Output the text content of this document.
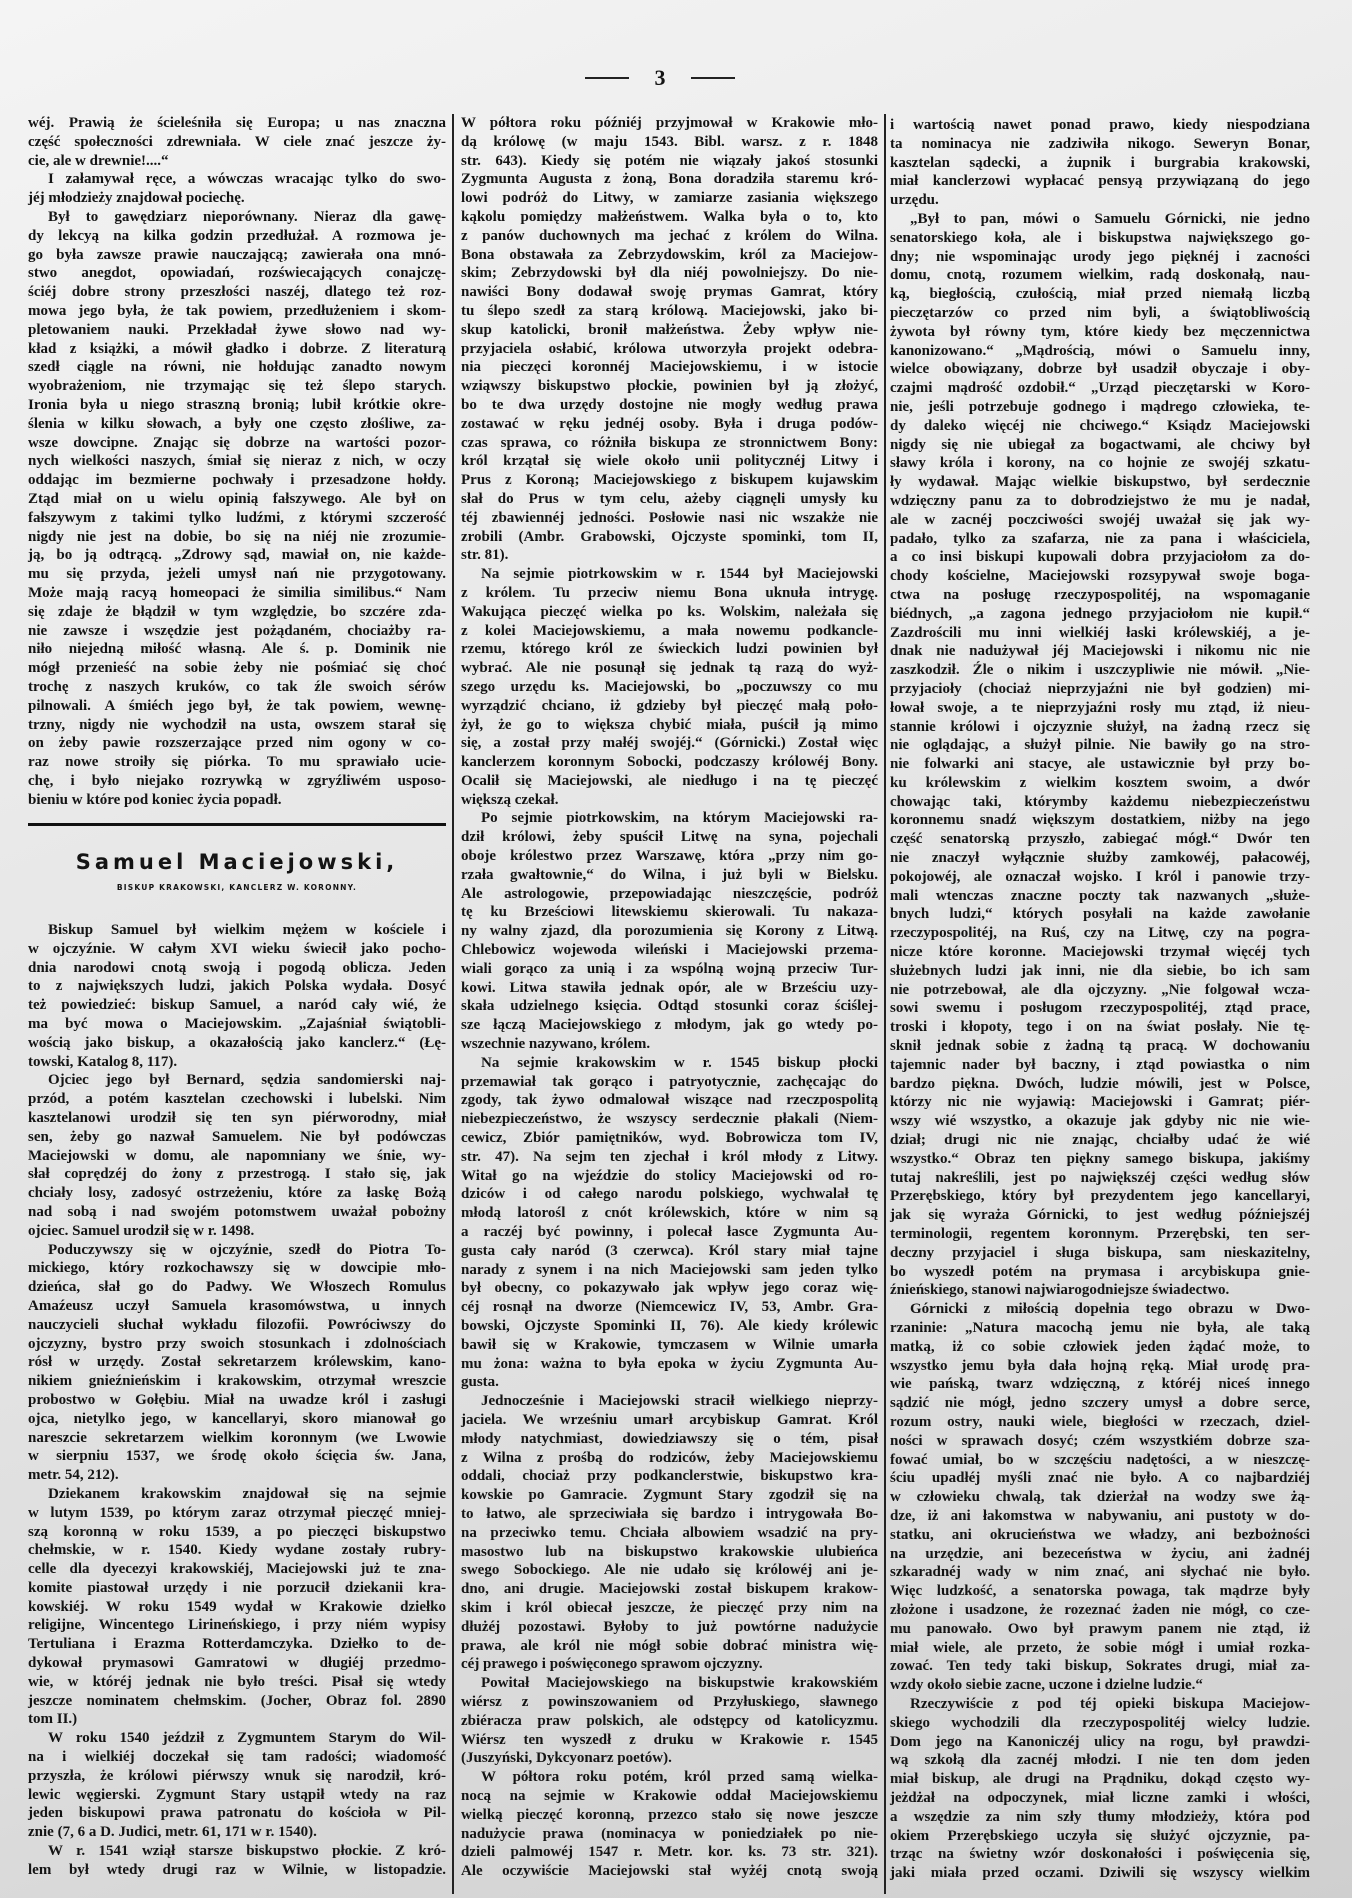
3
wéj. Prawią że ścieleśniła się Europa; u nas znaczna
część społeczności zdrewniała. W ciele znać jeszcze ży-
cie, ale w drewnie!....“
I załamywał ręce, a wówczas wracając tylko do swo-
jéj młodzieży znajdował pociechę.
Był to gawędziarz nieporównany. Nieraz dla gawę-
dy lekcyą na kilka godzin przedłużał. A rozmowa je-
go była zawsze prawie nauczającą; zawierała ona mnó-
stwo anegdot, opowiadań, rozświecających conajczę-
ściéj dobre strony przeszłości naszéj, dlatego też roz-
mowa jego była, że tak powiem, przedłużeniem i skom-
pletowaniem nauki. Przekładał żywe słowo nad wy-
kład z książki, a mówił gładko i dobrze. Z literaturą
szedł ciągle na równi, nie hołdując zanadto nowym
wyobrażeniom, nie trzymając się też ślepo starych.
Ironia była u niego straszną bronią; lubił krótkie okre-
ślenia w kilku słowach, a były one często złośliwe, za-
wsze dowcipne. Znając się dobrze na wartości pozor-
nych wielkości naszych, śmiał się nieraz z nich, w oczy
oddając im bezmierne pochwały i przesadzone hołdy.
Ztąd miał on u wielu opinią fałszywego. Ale był on
fałszywym z takimi tylko ludźmi, z którymi szczerość
nigdy nie jest na dobie, bo się na niéj nie zrozumie-
ją, bo ją odtrącą. „Zdrowy sąd, mawiał on, nie każde-
mu się przyda, jeżeli umysł nań nie przygotowany.
Może mają racyą homeopaci że similia similibus.“ Nam
się zdaje że błądził w tym względzie, bo szczére zda-
nie zawsze i wszędzie jest pożądaném, chociażby ra-
niło niejedną miłość własną. Ale ś. p. Dominik nie
mógł przenieść na sobie żeby nie pośmiać się choć
trochę z naszych kruków, co tak źle swoich sérów
pilnowali. A śmiéch jego był, że tak powiem, wewnę-
trzny, nigdy nie wychodził na usta, owszem starał się
on żeby pawie rozszerzające przed nim ogony w co-
raz nowe stroiły się piórka. To mu sprawiało ucie-
chę, i było niejako rozrywką w zgryźliwém usposo-
bieniu w które pod koniec życia popadł.
Samuel Maciejowski,
BISKUP KRAKOWSKI, KANCLERZ W. KORONNY.
Biskup Samuel był wielkim mężem w kościele i
w ojczyźnie. W całym XVI wieku świecił jako pocho-
dnia narodowi cnotą swoją i pogodą oblicza. Jeden
to z największych ludzi, jakich Polska wydała. Dosyć
też powiedzieć: biskup Samuel, a naród cały wié, że
ma być mowa o Maciejowskim. „Zajaśniał świątobli-
wością jako biskup, a okazałością jako kanclerz.“ (Łę-
towski, Katalog 8, 117).
Ojciec jego był Bernard, sędzia sandomierski naj-
przód, a potém kasztelan czechowski i lubelski. Nim
kasztelanowi urodził się ten syn piérworodny, miał
sen, żeby go nazwał Samuelem. Nie był podówczas
Maciejowski w domu, ale napomniany we śnie, wy-
słał coprędzéj do żony z przestrogą. I stało się, jak
chciały losy, zadosyć ostrzeżeniu, które za łaskę Bożą
nad sobą i nad swojém potomstwem uważał pobożny
ojciec. Samuel urodził się w r. 1498.
Poduczywszy się w ojczyźnie, szedł do Piotra To-
mickiego, który rozkochawszy się w dowcipie mło-
dzieńca, słał go do Padwy. We Włoszech Romulus
Amaźeusz uczył Samuela krasomówstwa, u innych
nauczycieli słuchał wykładu filozofii. Powróciwszy do
ojczyzny, bystro przy swoich stosunkach i zdolnościach
rósł w urzędy. Został sekretarzem królewskim, kano-
nikiem gnieźnieńskim i krakowskim, otrzymał wreszcie
probostwo w Gołębiu. Miał na uwadze król i zasługi
ojca, nietylko jego, w kancellaryi, skoro mianował go
nareszcie sekretarzem wielkim koronnym (we Lwowie
w sierpniu 1537, we środę około ścięcia św. Jana,
metr. 54, 212).
Dziekanem krakowskim znajdował się na sejmie
w lutym 1539, po którym zaraz otrzymał pieczęć mniej-
szą koronną w roku 1539, a po pieczęci biskupstwo
chełmskie, w r. 1540. Kiedy wydane zostały rubry-
celle dla dyecezyi krakowskiéj, Maciejowski już te zna-
komite piastował urzędy i nie porzucił dziekanii kra-
kowskiéj. W roku 1549 wydał w Krakowie dziełko
religijne, Wincentego Lirineńskiego, i przy niém wypisy
Tertuliana i Erazma Rotterdamczyka. Dziełko to de-
dykował prymasowi Gamratowi w długiéj przedmo-
wie, w któréj jednak nie było treści. Pisał się wtedy
jeszcze nominatem chełmskim. (Jocher, Obraz fol. 2890
tom II.)
W roku 1540 jeździł z Zygmuntem Starym do Wil-
na i wielkiéj doczekał się tam radości; wiadomość
przyszła, że królowi piérwszy wnuk się narodził, kró-
lewic węgierski. Zygmunt Stary ustąpił wtedy na raz
jeden biskupowi prawa patronatu do kościoła w Pil-
znie (7, 6 a D. Judici, metr. 61, 171 w r. 1540).
W r. 1541 wziął starsze biskupstwo płockie. Z kró-
lem był wtedy drugi raz w Wilnie, w listopadzie.
W półtora roku późniéj przyjmował w Krakowie mło-
dą królowę (w maju 1543. Bibl. warsz. z r. 1848
str. 643). Kiedy się potém nie wiązały jakoś stosunki
Zygmunta Augusta z żoną, Bona doradziła staremu kró-
lowi podróż do Litwy, w zamiarze zasiania większego
kąkolu pomiędzy małżeństwem. Walka była o to, kto
z panów duchownych ma jechać z królem do Wilna.
Bona obstawała za Zebrzydowskim, król za Maciejow-
skim; Zebrzydowski był dla niéj powolniejszy. Do nie-
nawiści Bony dodawał swoję prymas Gamrat, który
tu ślepo szedł za starą królową. Maciejowski, jako bi-
skup katolicki, bronił małżeństwa. Żeby wpływ nie-
przyjaciela osłabić, królowa utworzyła projekt odebra-
nia pieczęci koronnéj Maciejowskiemu, i w istocie
wziąwszy biskupstwo płockie, powinien był ją złożyć,
bo te dwa urzędy dostojne nie mogły według prawa
zostawać w ręku jednéj osoby. Była i druga podów-
czas sprawa, co różniła biskupa ze stronnictwem Bony:
król krzątał się wiele około unii politycznéj Litwy i
Prus z Koroną; Maciejowskiego z biskupem kujawskim
słał do Prus w tym celu, ażeby ciągnęli umysły ku
téj zbawiennéj jedności. Posłowie nasi nic wszakże nie
zrobili (Ambr. Grabowski, Ojczyste spominki, tom II,
str. 81).
Na sejmie piotrkowskim w r. 1544 był Maciejowski
z królem. Tu przeciw niemu Bona uknuła intrygę.
Wakująca pieczęć wielka po ks. Wolskim, należała się
z kolei Maciejowskiemu, a mała nowemu podkancle-
rzemu, którego król ze świeckich ludzi powinien był
wybrać. Ale nie posunął się jednak tą razą do wyż-
szego urzędu ks. Maciejowski, bo „poczuwszy co mu
wyrządzić chciano, iż gdzieby był pieczęć małą poło-
żył, że go to większa chybić miała, puścił ją mimo
się, a został przy małéj swojéj.“ (Górnicki.) Został więc
kanclerzem koronnym Sobocki, podczaszy królowéj Bony.
Ocalił się Maciejowski, ale niedługo i na tę pieczęć
większą czekał.
Po sejmie piotrkowskim, na którym Maciejowski ra-
dził królowi, żeby spuścił Litwę na syna, pojechali
oboje królestwo przez Warszawę, która „przy nim go-
rzała gwałtownie,“ do Wilna, i już byli w Bielsku.
Ale astrologowie, przepowiadając nieszczęście, podróż
tę ku Brześciowi litewskiemu skierowali. Tu nakaza-
ny walny zjazd, dla porozumienia się Korony z Litwą.
Chlebowicz wojewoda wileński i Maciejowski przema-
wiali gorąco za unią i za wspólną wojną przeciw Tur-
kowi. Litwa stawiła jednak opór, ale w Brześciu uzy-
skała udzielnego księcia. Odtąd stosunki coraz ściślej-
sze łączą Maciejowskiego z młodym, jak go wtedy po-
wszechnie nazywano, królem.
Na sejmie krakowskim w r. 1545 biskup płocki
przemawiał tak gorąco i patryotycznie, zachęcając do
zgody, tak żywo odmalował wiszące nad rzeczpospolitą
niebezpieczeństwo, że wszyscy serdecznie płakali (Niem-
cewicz, Zbiór pamiętników, wyd. Bobrowicza tom IV,
str. 47). Na sejm ten zjechał i król młody z Litwy.
Witał go na wjeździe do stolicy Maciejowski od ro-
dziców i od całego narodu polskiego, wychwalał tę
młodą latorośl z cnót królewskich, które w nim są
a raczéj być powinny, i polecał łasce Zygmunta Au-
gusta cały naród (3 czerwca). Król stary miał tajne
narady z synem i na nich Maciejowski sam jeden tylko
był obecny, co pokazywało jak wpływ jego coraz wię-
céj rosnął na dworze (Niemcewicz IV, 53, Ambr. Gra-
bowski, Ojczyste Spominki II, 76). Ale kiedy królewic
bawił się w Krakowie, tymczasem w Wilnie umarła
mu żona: ważna to była epoka w życiu Zygmunta Au-
gusta.
Jednocześnie i Maciejowski stracił wielkiego nieprzy-
jaciela. We wrześniu umarł arcybiskup Gamrat. Król
młody natychmiast, dowiedziawszy się o tém, pisał
z Wilna z prośbą do rodziców, żeby Maciejowskiemu
oddali, chociaż przy podkanclerstwie, biskupstwo kra-
kowskie po Gamracie. Zygmunt Stary zgodził się na
to łatwo, ale sprzeciwiała się bardzo i intrygowała Bo-
na przeciwko temu. Chciała albowiem wsadzić na pry-
masostwo lub na biskupstwo krakowskie ulubieńca
swego Sobockiego. Ale nie udało się królowéj ani je-
dno, ani drugie. Maciejowski został biskupem krakow-
skim i król obiecał jeszcze, że pieczęć przy nim na
dłużéj pozostawi. Byłoby to już powtórne nadużycie
prawa, ale król nie mógł sobie dobrać ministra wię-
céj prawego i poświęconego sprawom ojczyzny.
Powitał Maciejowskiego na biskupstwie krakowskiém
wiérsz z powinszowaniem od Przyłuskiego, sławnego
zbiéracza praw polskich, ale odstępcy od katolicyzmu.
Wiérsz ten wyszedł z druku w Krakowie r. 1545
(Juszyński, Dykcyonarz poetów).
W półtora roku potém, król przed samą wielka-
nocą na sejmie w Krakowie oddał Maciejowskiemu
wielką pieczęć koronną, przezco stało się nowe jeszcze
nadużycie prawa (nominacya w poniedziałek po nie-
dzieli palmowéj 1547 r. Metr. kor. ks. 73 str. 321).
Ale oczywiście Maciejowski stał wyżéj cnotą swoją
i wartością nawet ponad prawo, kiedy niespodziana
ta nominacya nie zadziwiła nikogo. Seweryn Bonar,
kasztelan sądecki, a żupnik i burgrabia krakowski,
miał kanclerzowi wypłacać pensyą przywiązaną do jego
urzędu.
„Był to pan, mówi o Samuelu Górnicki, nie jedno
senatorskiego koła, ale i biskupstwa największego go-
dny; nie wspominając urody jego pięknéj i zacności
domu, cnotą, rozumem wielkim, radą doskonałą, nau-
ką, biegłością, czułością, miał przed niemałą liczbą
pieczętarzów co przed nim byli, a świątobliwością
żywota był równy tym, które kiedy bez męczennictwa
kanonizowano.“ „Mądrością, mówi o Samuelu inny,
wielce obowiązany, dobrze był usadził obyczaje i oby-
czajmi mądrość ozdobił.“ „Urząd pieczętarski w Koro-
nie, jeśli potrzebuje godnego i mądrego człowieka, te-
dy daleko więcéj nie chciwego.“ Ksiądz Maciejowski
nigdy się nie ubiegał za bogactwami, ale chciwy był
sławy króla i korony, na co hojnie ze swojéj szkatu-
ły wydawał. Mając wielkie biskupstwo, był serdecznie
wdzięczny panu za to dobrodziejstwo że mu je nadał,
ale w zacnéj poczciwości swojéj uważał się jak wy-
padało, tylko za szafarza, nie za pana i właściciela,
a co insi biskupi kupowali dobra przyjaciołom za do-
chody kościelne, Maciejowski rozsypywał swoje boga-
ctwa na posługę rzeczypospolitéj, na wspomaganie
biédnych, „a zagona jednego przyjaciołom nie kupił.“
Zazdrościli mu inni wielkiéj łaski królewskiéj, a je-
dnak nie nadużywał jéj Maciejowski i nikomu nic nie
zaszkodził. Źle o nikim i uszczypliwie nie mówił. „Nie-
przyjacioły (chociaż nieprzyjaźni nie był godzien) mi-
łował swoje, a te nieprzyjaźni rosły mu ztąd, iż nieu-
stannie królowi i ojczyznie służył, na żadną rzecz się
nie oglądając, a służył pilnie. Nie bawiły go na stro-
nie folwarki ani stacye, ale ustawicznie był przy bo-
ku królewskim z wielkim kosztem swoim, a dwór
chowając taki, którymby każdemu niebezpieczeństwu
koronnemu snadź większym dostatkiem, niżby na jego
część senatorską przyszło, zabiegać mógł.“ Dwór ten
nie znaczył wyłącznie służby zamkowéj, pałacowéj,
pokojowéj, ale oznaczał wojsko. I król i panowie trzy-
mali wtenczas znaczne poczty tak nazwanych „służe-
bnych ludzi,“ których posyłali na każde zawołanie
rzeczypospolitéj, na Ruś, czy na Litwę, czy na pogra-
nicze które koronne. Maciejowski trzymał więcéj tych
służebnych ludzi jak inni, nie dla siebie, bo ich sam
nie potrzebował, ale dla ojczyzny. „Nie folgował wcza-
sowi swemu i posługom rzeczypospolitéj, ztąd prace,
troski i kłopoty, tego i on na świat posłały. Nie tę-
sknił jednak sobie z żadną tą pracą. W dochowaniu
tajemnic nader był baczny, i ztąd powiastka o nim
bardzo piękna. Dwóch, ludzie mówili, jest w Polsce,
którzy nic nie wyjawią: Maciejowski i Gamrat; piér-
wszy wié wszystko, a okazuje jak gdyby nic nie wie-
dział; drugi nic nie znając, chciałby udać że wié
wszystko.“ Obraz ten piękny samego biskupa, jakiśmy
tutaj nakreślili, jest po największéj części według słów
Przerębskiego, który był prezydentem jego kancellaryi,
jak się wyraża Górnicki, to jest według późniejszéj
terminologii, regentem koronnym. Przerębski, ten ser-
deczny przyjaciel i sługa biskupa, sam nieskazitelny,
bo wyszedł potém na prymasa i arcybiskupa gnie-
źnieńskiego, stanowi najwiarogodniejsze świadectwo.
Górnicki z miłością dopełnia tego obrazu w Dwo-
rzaninie: „Natura macochą jemu nie była, ale taką
matką, iż co sobie człowiek jeden żądać może, to
wszystko jemu była dała hojną ręką. Miał urodę pra-
wie pańską, twarz wdzięczną, z któréj niceś innego
sądzić nie mógł, jedno szczery umysł a dobre serce,
rozum ostry, nauki wiele, biegłości w rzeczach, dziel-
ności w sprawach dosyć; czém wszystkiém dobrze sza-
fować umiał, bo w szczęściu nadętości, a w nieszczę-
ściu upadłéj myśli znać nie było. A co najbardziéj
w człowieku chwalą, tak dzierżał na wodzy swe żą-
dze, iż ani łakomstwa w nabywaniu, ani pustoty w do-
statku, ani okrucieństwa we władzy, ani bezbożności
na urzędzie, ani bezeceństwa w życiu, ani żadnéj
szkaradnéj wady w nim znać, ani słychać nie było.
Więc ludzkość, a senatorska powaga, tak mądrze były
złożone i usadzone, że rozeznać żaden nie mógł, co cze-
mu panowało. Owo był prawym panem nie ztąd, iż
miał wiele, ale przeto, że sobie mógł i umiał rozka-
zować. Ten tedy taki biskup, Sokrates drugi, miał za-
wzdy około siebie zacne, uczone i dzielne ludzie.“
Rzeczywiście z pod téj opieki biskupa Maciejow-
skiego wychodzili dla rzeczypospolitéj wielcy ludzie.
Dom jego na Kanoniczéj ulicy na rogu, był prawdzi-
wą szkołą dla zacnéj młodzi. I nie ten dom jeden
miał biskup, ale drugi na Prądniku, dokąd często wy-
jeżdżał na odpoczynek, miał liczne zamki i włości,
a wszędzie za nim szły tłumy młodzieży, która pod
okiem Przerębskiego uczyła się służyć ojczyznie, pa-
trząc na świetny wzór doskonałości i poświęcenia się,
jaki miała przed oczami. Dziwili się wszyscy wielkim
